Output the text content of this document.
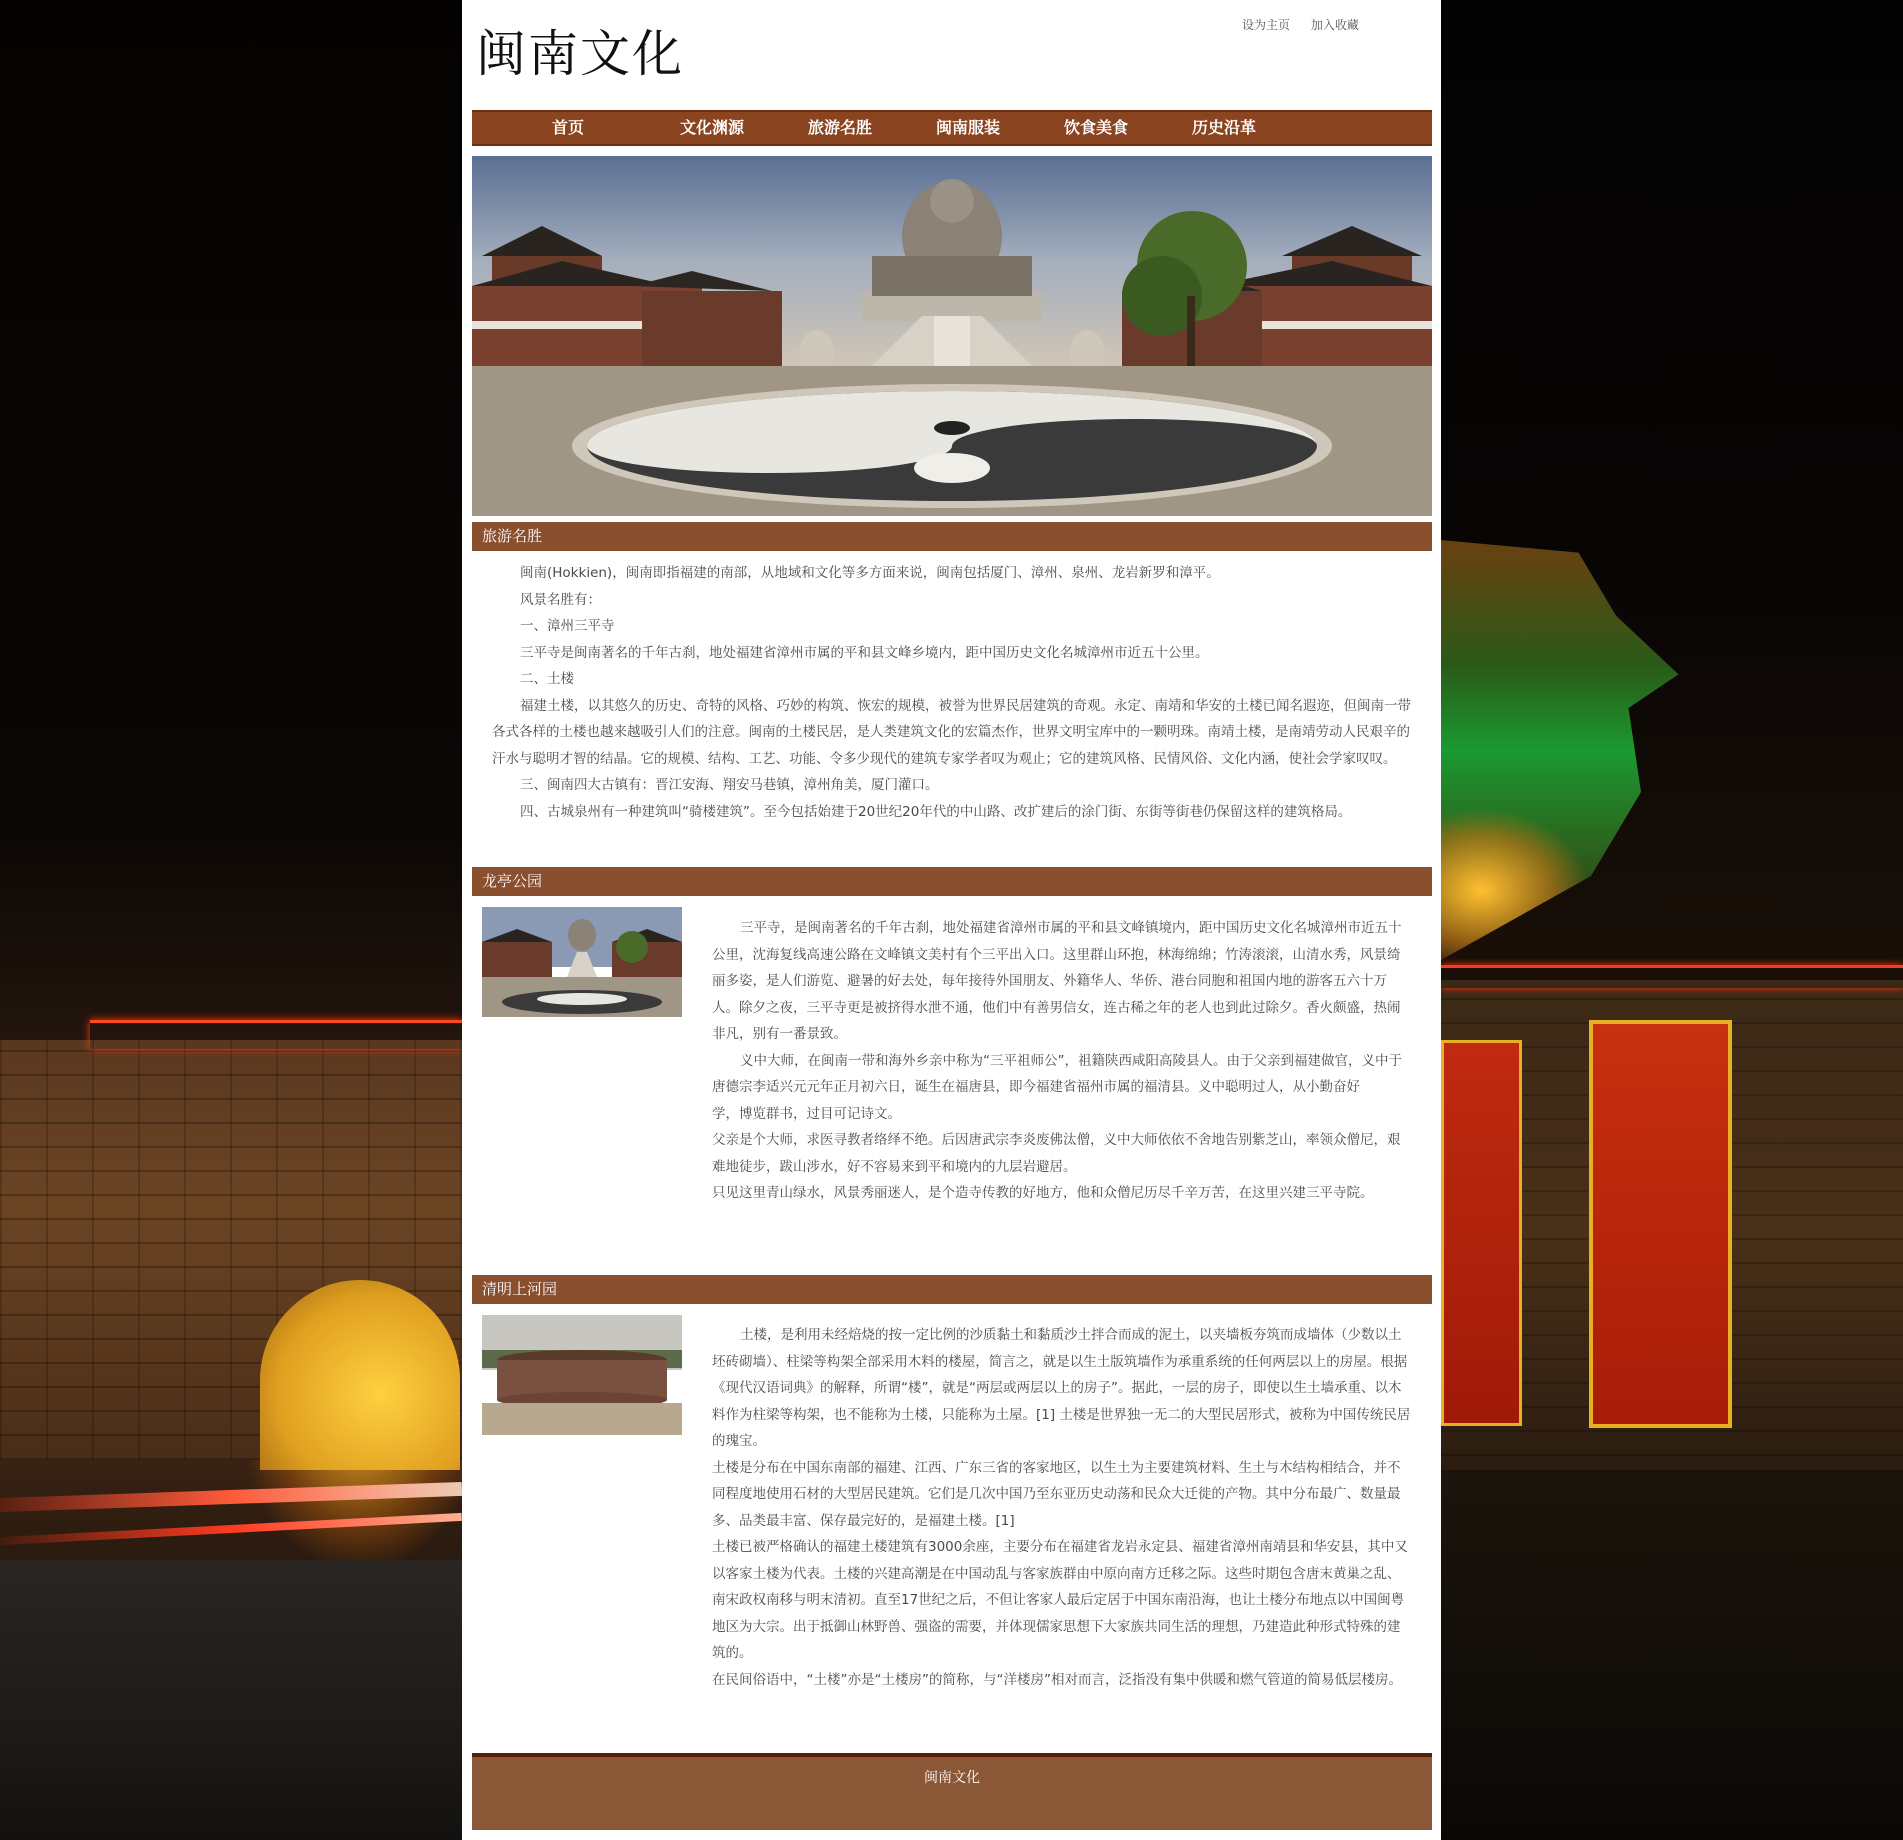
闽南文化	设为主页 加入收藏
首页	文化渊源	旅游名胜	闽南服装	饮食美食	历史沿革
旅游名胜

闽南(Hokkien)，闽南即指福建的南部，从地域和文化等多方面来说，闽南包括厦门、漳州、泉州、龙岩新罗和漳平。

风景名胜有：

一、漳州三平寺

三平寺是闽南著名的千年古刹，地处福建省漳州市属的平和县文峰乡境内，距中国历史文化名城漳州市近五十公里。

二、土楼

福建土楼，以其悠久的历史、奇特的风格、巧妙的构筑、恢宏的规模，被誉为世界民居建筑的奇观。永定、南靖和华安的土楼已闻名遐迩，但闽南一带各式各样的土楼也越来越吸引人们的注意。闽南的土楼民居，是人类建筑文化的宏篇杰作，世界文明宝库中的一颗明珠。南靖土楼，是南靖劳动人民艰辛的汗水与聪明才智的结晶。它的规模、结构、工艺、功能、令多少现代的建筑专家学者叹为观止；它的建筑风格、民情风俗、文化内涵，使社会学家叹叹。

三、闽南四大古镇有：晋江安海、翔安马巷镇，漳州角美，厦门灌口。

四、古城泉州有一种建筑叫“骑楼建筑”。至今包括始建于20世纪20年代的中山路、改扩建后的涂门街、东街等街巷仍保留这样的建筑格局。

龙亭公园

三平寺，是闽南著名的千年古刹，地处福建省漳州市属的平和县文峰镇境内，距中国历史文化名城漳州市近五十公里，沈海复线高速公路在文峰镇文美村有个三平出入口。这里群山环抱，林海绵绵；竹涛滚滚，山清水秀，风景绮丽多姿，是人们游览、避暑的好去处，每年接待外国朋友、外籍华人、华侨、港台同胞和祖国内地的游客五六十万人。除夕之夜，三平寺更是被挤得水泄不通，他们中有善男信女，连古稀之年的老人也到此过除夕。香火颇盛，热闹非凡，别有一番景致。

义中大师，在闽南一带和海外乡亲中称为“三平祖师公”，祖籍陕西咸阳高陵县人。由于父亲到福建做官，义中于唐德宗李适兴元元年正月初六日，诞生在福唐县，即今福建省福州市属的福清县。义中聪明过人，从小勤奋好

学，博览群书，过目可记诗文。

父亲是个大师，求医寻教者络绎不绝。后因唐武宗李炎废佛汰僧，义中大师依依不舍地告别紫芝山，率领众僧尼，艰难地徒步，跋山涉水，好不容易来到平和境内的九层岩避居。

只见这里青山绿水，风景秀丽迷人，是个造寺传教的好地方，他和众僧尼历尽千辛万苦，在这里兴建三平寺院。

清明上河园

土楼，是利用未经焙烧的按一定比例的沙质黏土和黏质沙土拌合而成的泥土，以夹墙板夯筑而成墙体（少数以土坯砖砌墙）、柱梁等构架全部采用木料的楼屋，简言之，就是以生土版筑墙作为承重系统的任何两层以上的房屋。根据《现代汉语词典》的解释，所谓“楼”，就是“两层或两层以上的房子”。据此，一层的房子，即使以生土墙承重、以木料作为柱梁等构架，也不能称为土楼，只能称为土屋。[1] 土楼是世界独一无二的大型民居形式，被称为中国传统民居的瑰宝。

土楼是分布在中国东南部的福建、江西、广东三省的客家地区，以生土为主要建筑材料、生土与木结构相结合，并不同程度地使用石材的大型居民建筑。它们是几次中国乃至东亚历史动荡和民众大迁徙的产物。其中分布最广、数量最多、品类最丰富、保存最完好的，是福建土楼。[1]

土楼已被严格确认的福建土楼建筑有3000余座，主要分布在福建省龙岩永定县、福建省漳州南靖县和华安县，其中又以客家土楼为代表。土楼的兴建高潮是在中国动乱与客家族群由中原向南方迁移之际。这些时期包含唐末黄巢之乱、南宋政权南移与明末清初。直至17世纪之后，不但让客家人最后定居于中国东南沿海，也让土楼分布地点以中国闽粤地区为大宗。出于抵御山林野兽、强盗的需要，并体现儒家思想下大家族共同生活的理想，乃建造此种形式特殊的建筑的。

在民间俗语中，“土楼”亦是“土楼房”的简称，与“洋楼房”相对而言，泛指没有集中供暖和燃气管道的简易低层楼房。

闽南文化
